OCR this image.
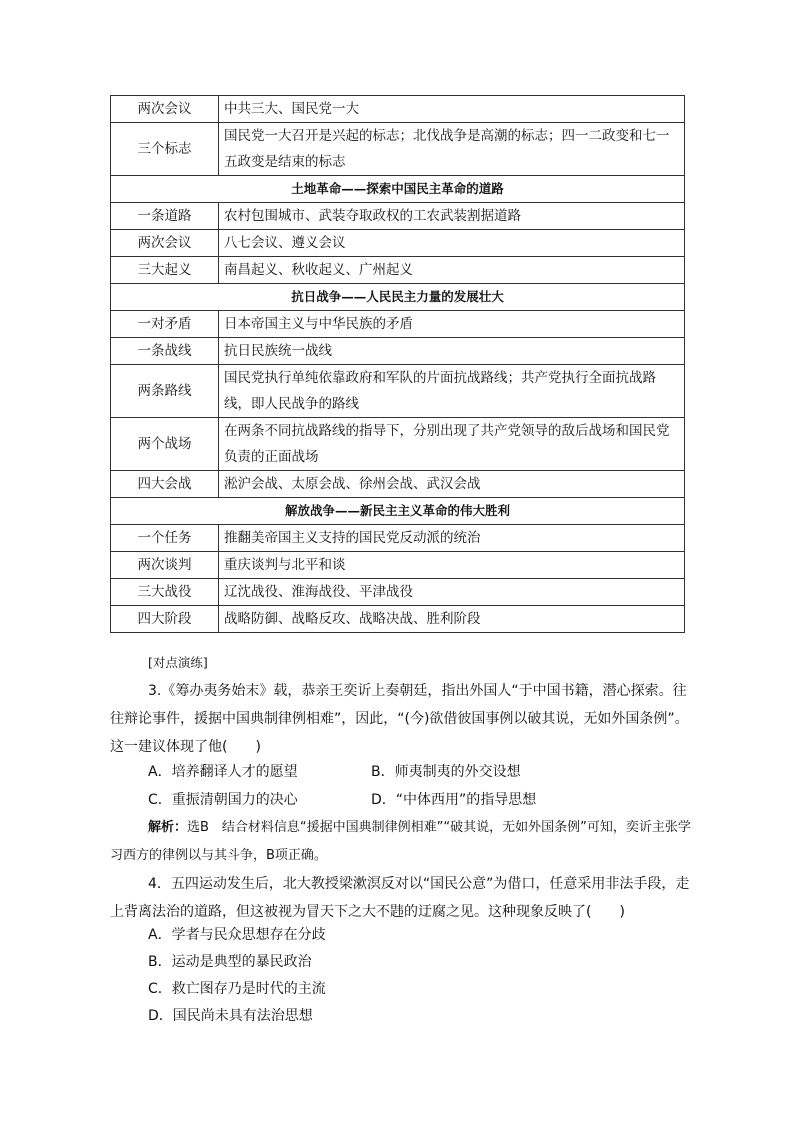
两次会议	中共三大、国民党一大
三个标志	国民党一大召开是兴起的标志；北伐战争是高潮的标志；四一二政变和七一五政变是结束的标志
土地革命——探索中国民主革命的道路	
一条道路	农村包围城市、武装夺取政权的工农武装割据道路
两次会议	八七会议、遵义会议
三大起义	南昌起义、秋收起义、广州起义
抗日战争——人民民主力量的发展壮大	
一对矛盾	日本帝国主义与中华民族的矛盾
一条战线	抗日民族统一战线
两条路线	国民党执行单纯依靠政府和军队的片面抗战路线；共产党执行全面抗战路线，即人民战争的路线
两个战场	在两条不同抗战路线的指导下，分别出现了共产党领导的敌后战场和国民党负责的正面战场
四大会战	淞沪会战、太原会战、徐州会战、武汉会战
解放战争——新民主主义革命的伟大胜利	
一个任务	推翻美帝国主义支持的国民党反动派的统治
两次谈判	重庆谈判与北平和谈
三大战役	辽沈战役、淮海战役、平津战役
四大阶段	战略防御、战略反攻、战略决战、胜利阶段
[对点演练]
3.《筹办夷务始末》载，恭亲王奕䜣上奏朝廷，指出外国人“于中国书籍，潜心探索。往往辩论事件，援据中国典制律例相难”，因此，“(今)欲借彼国事例以破其说，无如外国条例”。这一建议体现了他(　　)
A．培养翻译人才的愿望	B．师夷制夷的外交设想
C．重振清朝国力的决心	D．“中体西用”的指导思想
解析：选B　结合材料信息“援据中国典制律例相难”“破其说，无如外国条例”可知，奕䜣主张学习西方的律例以与其斗争，B项正确。
4．五四运动发生后，北大教授梁漱溟反对以“国民公意”为借口，任意采用非法手段，走上背离法治的道路，但这被视为冒天下之大不韪的迂腐之见。这种现象反映了(　　)
A．学者与民众思想存在分歧
B．运动是典型的暴民政治
C．救亡图存乃是时代的主流
D．国民尚未具有法治思想
